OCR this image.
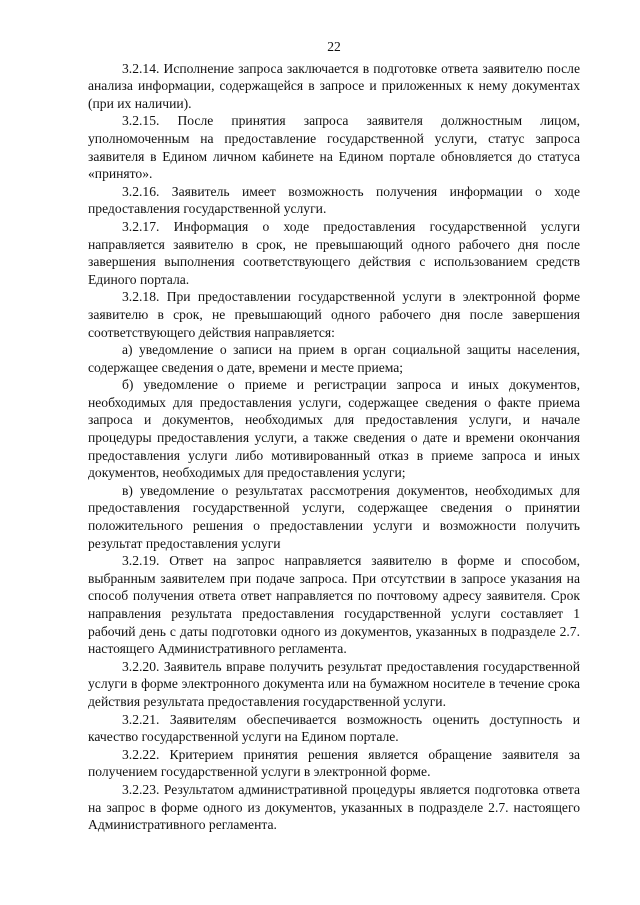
22

3.2.14. Исполнение запроса заключается в подготовке ответа заявителю после анализа информации, содержащейся в запросе и приложенных к нему документах (при их наличии).

3.2.15. После принятия запроса заявителя должностным лицом, уполномоченным на предоставление государственной услуги, статус запроса заявителя в Едином личном кабинете на Едином портале обновляется до статуса «принято».

3.2.16. Заявитель имеет возможность получения информации о ходе предоставления государственной услуги.

3.2.17. Информация о ходе предоставления государственной услуги направляется заявителю в срок, не превышающий одного рабочего дня после завершения выполнения соответствующего действия с использованием средств Единого портала.

3.2.18. При предоставлении государственной услуги в электронной форме заявителю в срок, не превышающий одного рабочего дня после завершения соответствующего действия направляется:

а) уведомление о записи на прием в орган социальной защиты населения, содержащее сведения о дате, времени и месте приема;

б) уведомление о приеме и регистрации запроса и иных документов, необходимых для предоставления услуги, содержащее сведения о факте приема запроса и документов, необходимых для предоставления услуги, и начале процедуры предоставления услуги, а также сведения о дате и времени окончания предоставления услуги либо мотивированный отказ в приеме запроса и иных документов, необходимых для предоставления услуги;

в) уведомление о результатах рассмотрения документов, необходимых для предоставления государственной услуги, содержащее сведения о принятии положительного решения о предоставлении услуги и возможности получить результат предоставления услуги

3.2.19. Ответ на запрос направляется заявителю в форме и способом, выбранным заявителем при подаче запроса. При отсутствии в запросе указания на способ получения ответа ответ направляется по почтовому адресу заявителя. Срок направления результата предоставления государственной услуги составляет 1 рабочий день с даты подготовки одного из документов, указанных в подразделе 2.7. настоящего Административного регламента.

3.2.20. Заявитель вправе получить результат предоставления государственной услуги в форме электронного документа или на бумажном носителе в течение срока действия результата предоставления государственной услуги.

3.2.21. Заявителям обеспечивается возможность оценить доступность и качество государственной услуги на Едином портале.

3.2.22. Критерием принятия решения является обращение заявителя за получением государственной услуги в электронной форме.

3.2.23. Результатом административной процедуры является подготовка ответа на запрос в форме одного из документов, указанных в подразделе 2.7. настоящего Административного регламента.
